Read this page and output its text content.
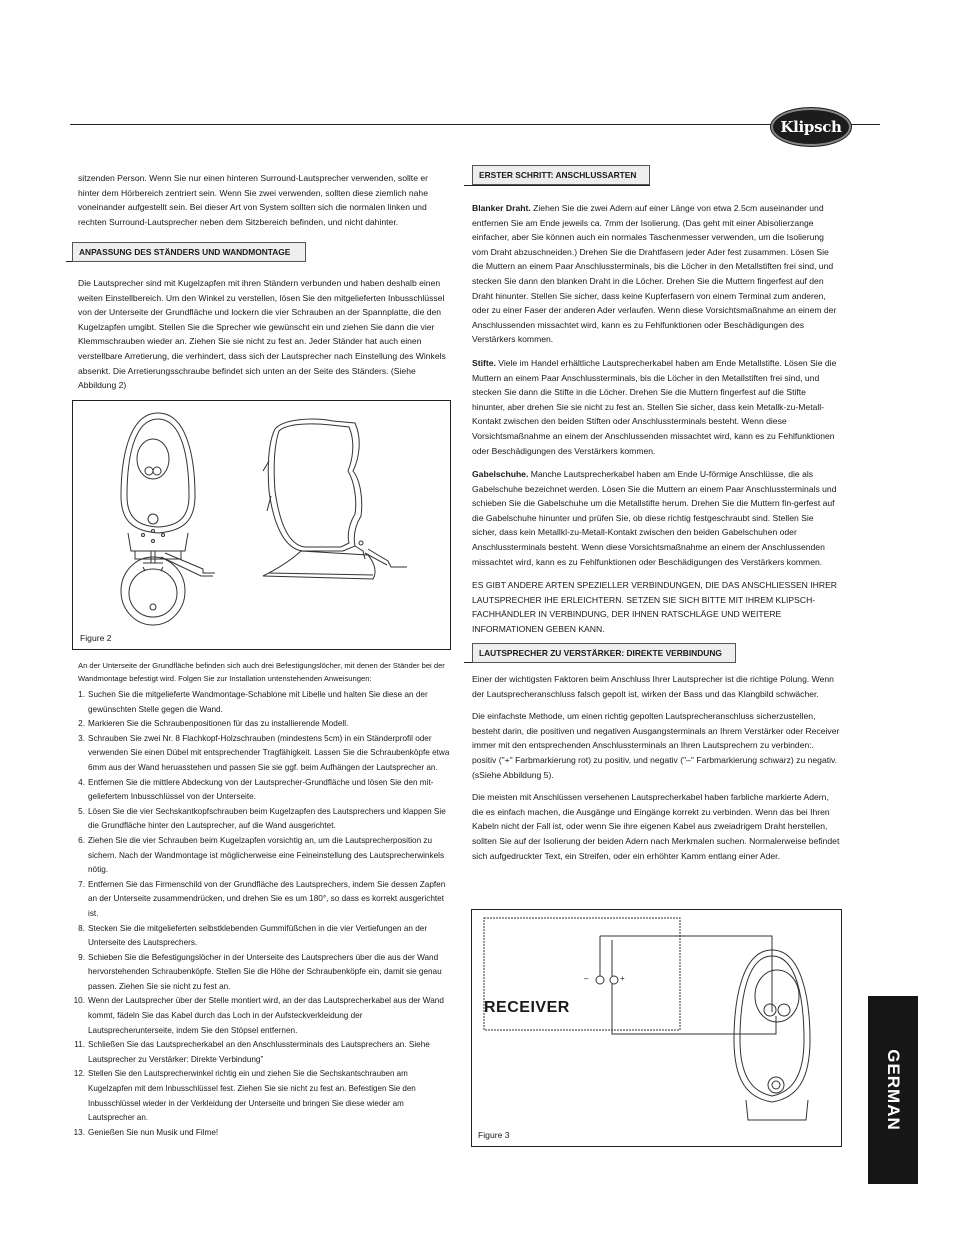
Klipsch

sitzenden Person. Wenn Sie nur einen hinteren Surround-Lautsprecher verwenden, sollte er hinter dem Hörbereich zentriert sein. Wenn Sie zwei verwenden, sollten diese ziemlich nahe voneinander aufgestellt sein. Bei dieser Art von System sollten sich die normalen linken und rechten Surround-Lautsprecher neben dem Sitzbereich befinden, und nicht dahinter.

ANPASSUNG DES STÄNDERS UND WANDMONTAGE

Die Lautsprecher sind mit Kugelzapfen mit ihren Ständern verbunden und haben deshalb einen weiten Einstellbereich. Um den Winkel zu verstellen, lösen Sie den mitgelieferten Inbusschlüssel von der Unterseite der Grundfläche und lockern die vier Schrauben an der Spannplatte, die den Kugelzapfen umgibt. Stellen Sie die Sprecher wie gewünscht ein und ziehen Sie dann die vier Klemmschrauben wieder an. Ziehen Sie sie nicht zu fest an. Jeder Ständer hat auch einen verstellbare Arretierung, die verhindert, dass sich der Lautsprecher nach Einstellung des Winkels absenkt. Die Arretierungsschraube befindet sich unten an der Seite des Ständers. (Siehe Abbildung 2)

Figure 2

An der Unterseite der Grundfläche befinden sich auch drei Befestigungslöcher, mit denen der Ständer bei der Wandmontage befestigt wird. Folgen Sie zur Installation untenstehenden Anweisungen:

1. Suchen Sie die mitgelieferte Wandmontage-Schablone mit Libelle und halten Sie diese an der gewünschten Stelle gegen die Wand.
2. Markieren Sie die Schraubenpositionen für das zu installierende Modell.
3. Schrauben Sie zwei Nr. 8 Flachkopf-Holzschrauben (mindestens 5cm) in ein Ständerprofil oder verwenden Sie einen Dübel mit entsprechender Tragfähigkeit. Lassen Sie die Schraubenköpfe etwa 6mm aus der Wand heruasstehen und passen Sie sie ggf. beim Aufhängen der Lautsprecher an.
4. Entfernen Sie die mittlere Abdeckung von der Lautsprecher-Grundfläche und lösen Sie den mit-geliefertem Inbusschlüssel von der Unterseite.
5. Lösen Sie die vier Sechskantkopfschrauben beim Kugelzapfen des Lautsprechers und klappen Sie die Grundfläche hinter den Lautsprecher, auf die Wand ausgerichtet.
6. Ziehen Sie die vier Schrauben beim Kugelzapfen vorsichtig an, um die Lautsprecherposition zu sichern. Nach der Wandmontage ist möglicherweise eine Feineinstellung des Lautsprecherwinkels nötig.
7. Entfernen Sie das Firmenschild von der Grundfläche des Lautsprechers, indem Sie dessen Zapfen an der Unterseite zusammendrücken, und drehen Sie es um 180°, so dass es korrekt ausgerichtet ist.
8. Stecken Sie die mitgelieferten selbstklebenden Gummifüßchen in die vier Vertiefungen an der Unterseite des Lautsprechers.
9. Schieben Sie die Befestigungslöcher in der Unterseite des Lautsprechers über die aus der Wand hervorstehenden Schraubenköpfe. Stellen Sie die Höhe der Schraubenköpfe ein, damit sie genau passen. Ziehen Sie sie nicht zu fest an.
10. Wenn der Lautsprecher über der Stelle montiert wird, an der das Lautsprecherkabel aus der Wand kommt, fädeln Sie das Kabel durch das Loch in der Aufsteckverkleidung der Lautsprecherunterseite, indem Sie den Stöpsel entfernen.
11. Schließen Sie das Lautsprecherkabel an den Anschlussterminals des Lautsprechers an. Siehe Lautsprecher zu Verstärker: Direkte Verbindung”
12. Stellen Sie den Lautsprecherwinkel richtig ein und ziehen Sie die Sechskantschrauben am Kugelzapfen mit dem Inbusschlüssel fest. Ziehen Sie sie nicht zu fest an. Befestigen Sie den Inbusschlüssel wieder in der Verkleidung der Unterseite und bringen Sie diese wieder am Lautsprecher an.
13. Genießen Sie nun Musik und Filme!
ERSTER SCHRITT: ANSCHLUSSARTEN

Blanker Draht. Ziehen Sie die zwei Adern auf einer Länge von etwa 2.5cm auseinander und entfernen Sie am Ende jeweils ca. 7mm der Isolierung. (Das geht mit einer Abisolierzange einfacher, aber Sie können auch ein normales Taschenmesser verwenden, um die Isolierung vom Draht abzuschneiden.) Drehen Sie die Drahtfasern jeder Ader fest zusammen. Lösen Sie die Muttern an einem Paar Anschlussterminals, bis die Löcher in den Metallstiften frei sind, und stecken Sie dann den blanken Draht in die Löcher. Drehen Sie die Muttern fingerfest auf den Draht hinunter. Stellen Sie sicher, dass keine Kupferfasern von einem Terminal zum anderen, oder zu einer Faser der anderen Ader verlaufen. Wenn diese Vorsichtsmaßnahme an einem der Anschlussenden missachtet wird, kann es zu Fehlfunktionen oder Beschädigungen des Verstärkers kommen.

Stifte. Viele im Handel erhältliche Lautsprecherkabel haben am Ende Metallstifte. Lösen Sie die Muttern an einem Paar Anschlussterminals, bis die Löcher in den Metallstiften frei sind, und stecken Sie dann die Stifte in die Löcher. Drehen Sie die Muttern fingerfest auf die Stifte hinunter, aber drehen Sie sie nicht zu fest an. Stellen Sie sicher, dass kein Metallk-zu-Metall-Kontakt zwischen den beiden Stiften oder Anschlussterminals besteht. Wenn diese Vorsichtsmaßnahme an einem der Anschlussenden missachtet wird, kann es zu Fehlfunktionen oder Beschädigungen des Verstärkers kommen.

Gabelschuhe. Manche Lautsprecherkabel haben am Ende U-förmige Anschlüsse, die als Gabelschuhe bezeichnet werden. Lösen Sie die Muttern an einem Paar Anschlussterminals und schieben Sie die Gabelschuhe um die Metallstifte herum. Drehen Sie die Muttern fin-gerfest auf die Gabelschuhe hinunter und prüfen Sie, ob diese richtig festgeschraubt sind. Stellen Sie sicher, dass kein Metallkl-zu-Metall-Kontakt zwischen den beiden Gabelschuhen oder Anschlussterminals besteht. Wenn diese Vorsichtsmaßnahme an einem der Anschlussenden missachtet wird, kann es zu Fehlfunktionen oder Beschädigungen des Verstärkers kommen.

ES GIBT ANDERE ARTEN SPEZIELLER VERBINDUNGEN, DIE DAS ANSCHLIESSEN IHRER LAUTSPRECHER IHE ERLEICHTERN. SETZEN SIE SICH BITTE MIT IHREM KLIPSCH-FACHHÄNDLER IN VERBINDUNG, DER IHNEN RATSCHLÄGE UND WEITERE INFORMATIONEN GEBEN KANN.

LAUTSPRECHER ZU VERSTÄRKER: DIREKTE VERBINDUNG

Einer der wichtigsten Faktoren beim Anschluss Ihrer Lautsprecher ist die richtige Polung. Wenn der Lautsprecheranschluss falsch gepolt ist, wirken der Bass und das Klangbild schwächer.

Die einfachste Methode, um einen richtig gepolten Lautsprecheranschluss sicherzustellen, besteht darin, die positiven und negativen Ausgangsterminals an Ihrem Verstärker oder Receiver immer mit den entsprechenden Anschlussterminals an Ihren Lautsprechern zu verbinden:. positiv ("+" Farbmarkierung rot) zu positiv, und negativ ("–" Farbmarkierung schwarz) zu negativ. (sSiehe Abbildung 5).

Die meisten mit Anschlüssen versehenen Lautsprecherkabel haben farbliche markierte Adern, die es einfach machen, die Ausgänge und Eingänge korrekt zu verbinden. Wenn das bei Ihren Kabeln nicht der Fall ist, oder wenn Sie ihre eigenen Kabel aus zweiadrigem Draht herstellen, sollten Sie auf der Isolierung der beiden Adern nach Merkmalen suchen. Normalerweise befindet sich aufgedruckter Text, ein Streifen, oder ein erhöhter Kamm entlang einer Ader.

–	+
RECEIVER
Figure 3
GERMAN
